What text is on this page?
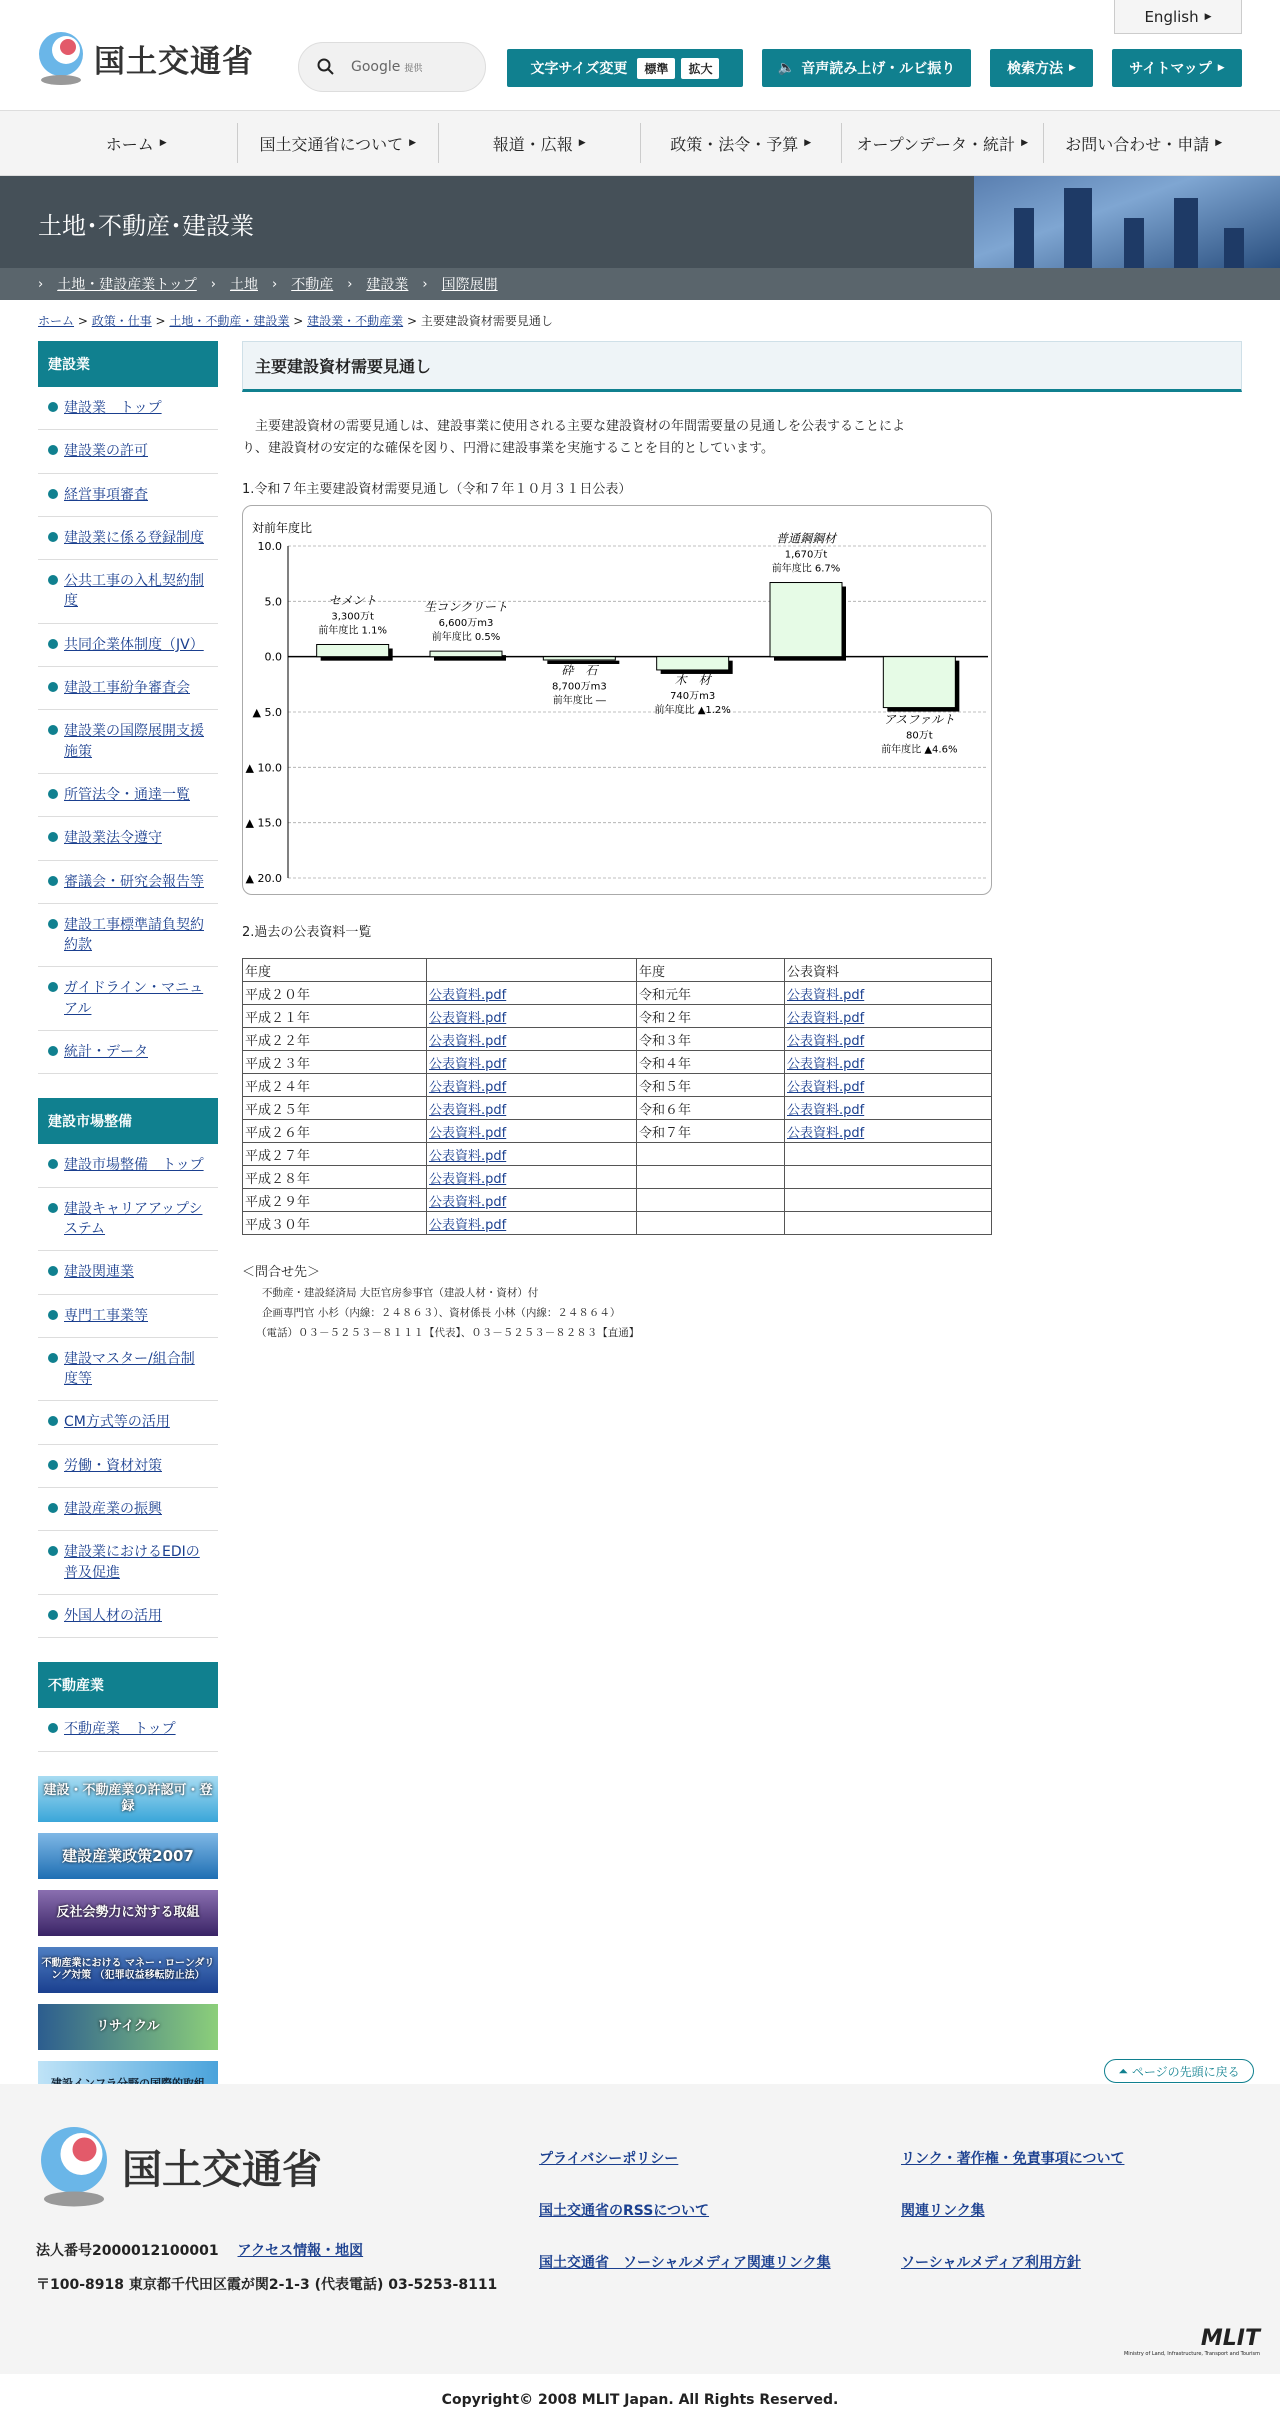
国土交通省	Google 提供
English ▶
文字サイズ変更	標準	拡大	🔈 音声読み上げ・ルビ振り	検索方法 ▶	サイトマップ ▶
ホーム ▶	国土交通省について ▶	報道・広報 ▶	政策・法令・予算 ▶	オープンデータ・統計 ▶ お問い合わせ・申請 ▶
土地･不動産･建設業
› 土地・建設産業トップ › 土地 › 不動産 › 建設業 › 国際展開
ホーム > 政策・仕事 > 土地・不動産・建設業 > 建設業・不動産業 > 主要建設資材需要見通し
建設業
建設業　トップ
建設業の許可
経営事項審査
建設業に係る登録制度
公共工事の入札契約制度
共同企業体制度（JV）
建設工事紛争審査会
建設業の国際展開支援施策
所管法令・通達一覧
建設業法令遵守
審議会・研究会報告等
建設工事標準請負契約約款
ガイドライン・マニュアル
統計・データ
建設市場整備
建設市場整備　トップ
建設キャリアアップシステム
建設関連業
専門工事業等
建設マスター/組合制度等
CM方式等の活用
労働・資材対策
建設産業の振興
建設業におけるEDIの普及促進
外国人材の活用
不動産業
不動産業　トップ
建設・不動産業の許認可・登録
建設産業政策2007
反社会勢力に対する取組
不動産業における マネー・ローンダリング対策 （犯罪収益移転防止法）
リサイクル
主要建設資材需要見通し

　主要建設資材の需要見通しは、建設事業に使用される主要な建設資材の年間需要量の見通しを公表することにより、建設資材の安定的な確保を図り、円滑に建設事業を実施することを目的としています。

1.令和７年主要建設資材需要見通し（令和７年１０月３１日公表）
対前年度比
10.0
5.0
0.0
▲ 5.0
▲ 10.0
▲ 15.0
▲ 20.0
セメント
3,300万t
前年度比 1.1%
生コンクリート
6,600万m3
前年度比 0.5%
砕　石
8,700万m3
前年度比 ―
木　材
740万m3
前年度比 ▲1.2%
普通鋼鋼材
1,670万t
前年度比 6.7%
アスファルト
80万t
前年度比 ▲4.6%
2.過去の公表資料一覧
年度		年度	公表資料
平成２０年	公表資料.pdf	令和元年	公表資料.pdf
平成２１年	公表資料.pdf	令和２年	公表資料.pdf
平成２２年	公表資料.pdf	令和３年	公表資料.pdf
平成２３年	公表資料.pdf	令和４年	公表資料.pdf
平成２４年	公表資料.pdf	令和５年	公表資料.pdf
平成２５年	公表資料.pdf	令和６年	公表資料.pdf
平成２６年	公表資料.pdf	令和７年	公表資料.pdf
平成２７年	公表資料.pdf		
平成２８年	公表資料.pdf		
平成２９年	公表資料.pdf		
平成３０年	公表資料.pdf		
＜問合せ先＞

不動産・建設経済局 大臣官房参事官（建設人材・資材）付

企画専門官 小杉（内線：２４８６３）、資材係長 小林（内線：２４８６４）

（電話）０３－５２５３－８１１１【代表】、０３－５２５３－８２８３【直通】

⏶ ページの先頭に戻る
国土交通省
法人番号2000012100001 アクセス情報・地図
〒100-8918 東京都千代田区霞が関2-1-3 (代表電話) 03-5253-8111
プライバシーポリシー	リンク・著作権・免責事項について
国土交通省のRSSについて	関連リンク集
国土交通省　ソーシャルメディア関連リンク集	ソーシャルメディア利用方針
MLIT
Ministry of Land, Infrastructure, Transport and Tourism
Copyright© 2008 MLIT Japan. All Rights Reserved.
